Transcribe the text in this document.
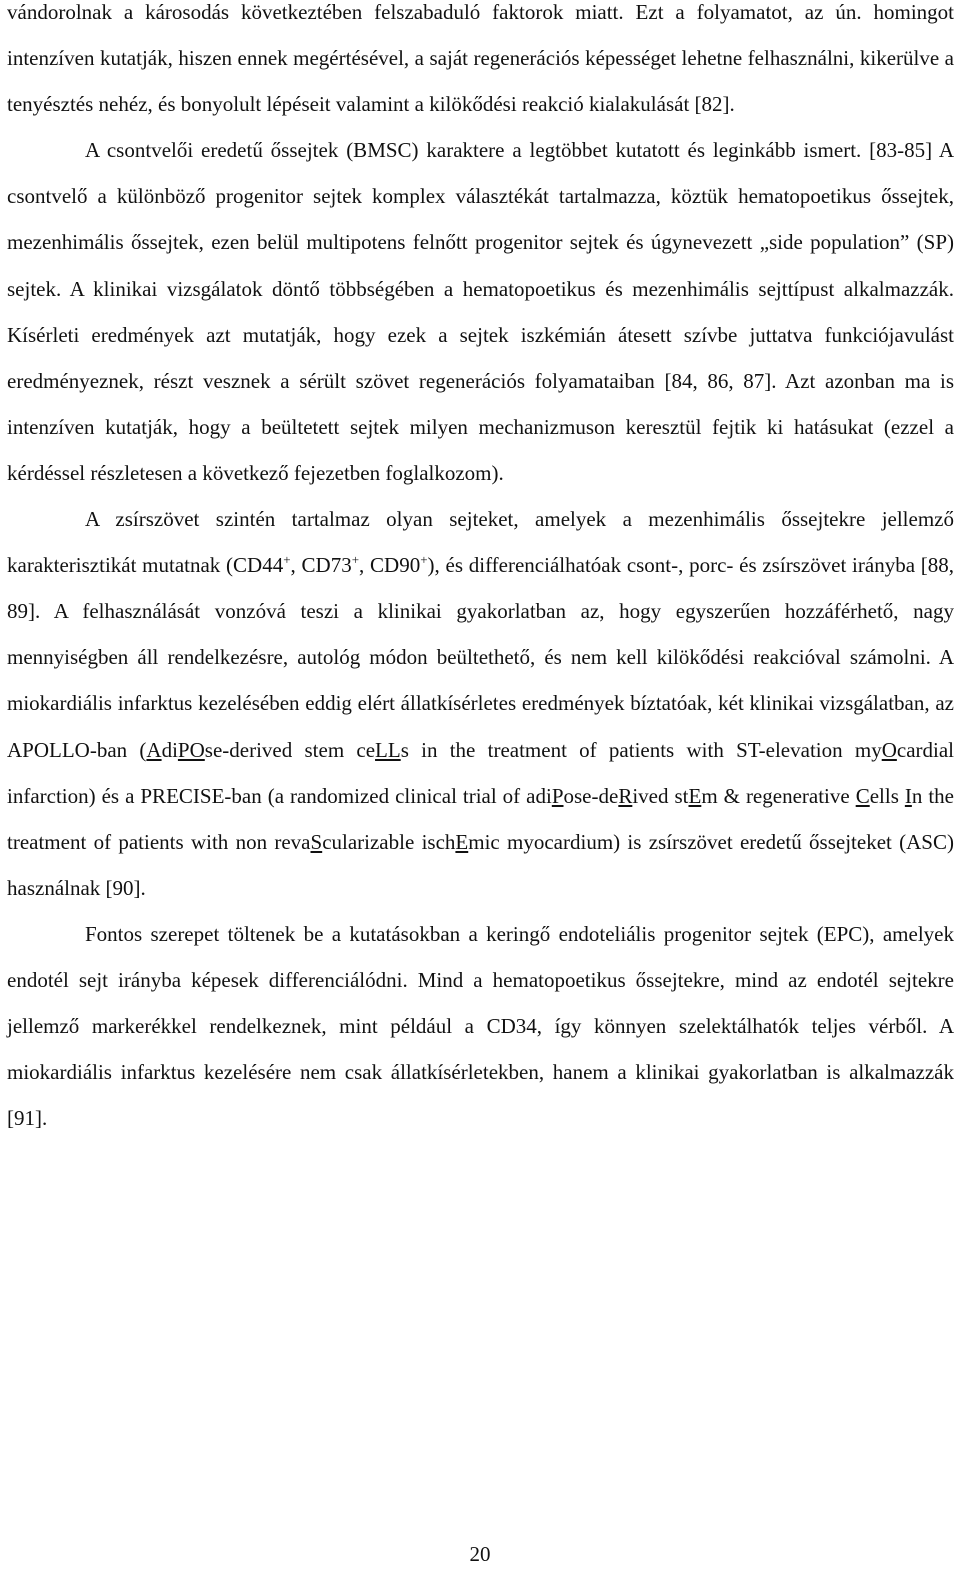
vándorolnak a károsodás következtében felszabaduló faktorok miatt. Ezt a folyamatot, az ún. homingot intenzíven kutatják, hiszen ennek megértésével, a saját regenerációs képességet lehetne felhasználni, kikerülve a tenyésztés nehéz, és bonyolult lépéseit valamint a kilökődési reakció kialakulását [82].

A csontvelői eredetű őssejtek (BMSC) karaktere a legtöbbet kutatott és leginkább ismert. [83-85] A csontvelő a különböző progenitor sejtek komplex választékát tartalmazza, köztük hematopoetikus őssejtek, mezenhimális őssejtek, ezen belül multipotens felnőtt progenitor sejtek és úgynevezett „side population” (SP) sejtek. A klinikai vizsgálatok döntő többségében a hematopoetikus és mezenhimális sejttípust alkalmazzák. Kísérleti eredmények azt mutatják, hogy ezek a sejtek iszkémián átesett szívbe juttatva funkciójavulást eredményeznek, részt vesznek a sérült szövet regenerációs folyamataiban [84, 86, 87]. Azt azonban ma is intenzíven kutatják, hogy a beültetett sejtek milyen mechanizmuson keresztül fejtik ki hatásukat (ezzel a kérdéssel részletesen a következő fejezetben foglalkozom).

A zsírszövet szintén tartalmaz olyan sejteket, amelyek a mezenhimális őssejtekre jellemző karakterisztikát mutatnak (CD44+, CD73+, CD90+), és differenciálhatóak csont-, porc- és zsírszövet irányba [88, 89]. A felhasználását vonzóvá teszi a klinikai gyakorlatban az, hogy egyszerűen hozzáférhető, nagy mennyiségben áll rendelkezésre, autológ módon beültethető, és nem kell kilökődési reakcióval számolni. A miokardiális infarktus kezelésében eddig elért állatkísérletes eredmények bíztatóak, két klinikai vizsgálatban, az APOLLO-ban (AdiPOse-derived stem ceLLs in the treatment of patients with ST-elevation myOcardial infarction) és a PRECISE-ban (a randomized clinical trial of adiPose-deRived stEm & regenerative Cells In the treatment of patients with non revaScularizable ischEmic myocardium) is zsírszövet eredetű őssejteket (ASC) használnak [90].

Fontos szerepet töltenek be a kutatásokban a keringő endoteliális progenitor sejtek (EPC), amelyek endotél sejt irányba képesek differenciálódni. Mind a hematopoetikus őssejtekre, mind az endotél sejtekre jellemző markerékkel rendelkeznek, mint például a CD34, így könnyen szelektálhatók teljes vérből. A miokardiális infarktus kezelésére nem csak állatkísérletekben, hanem a klinikai gyakorlatban is alkalmazzák [91].

20
